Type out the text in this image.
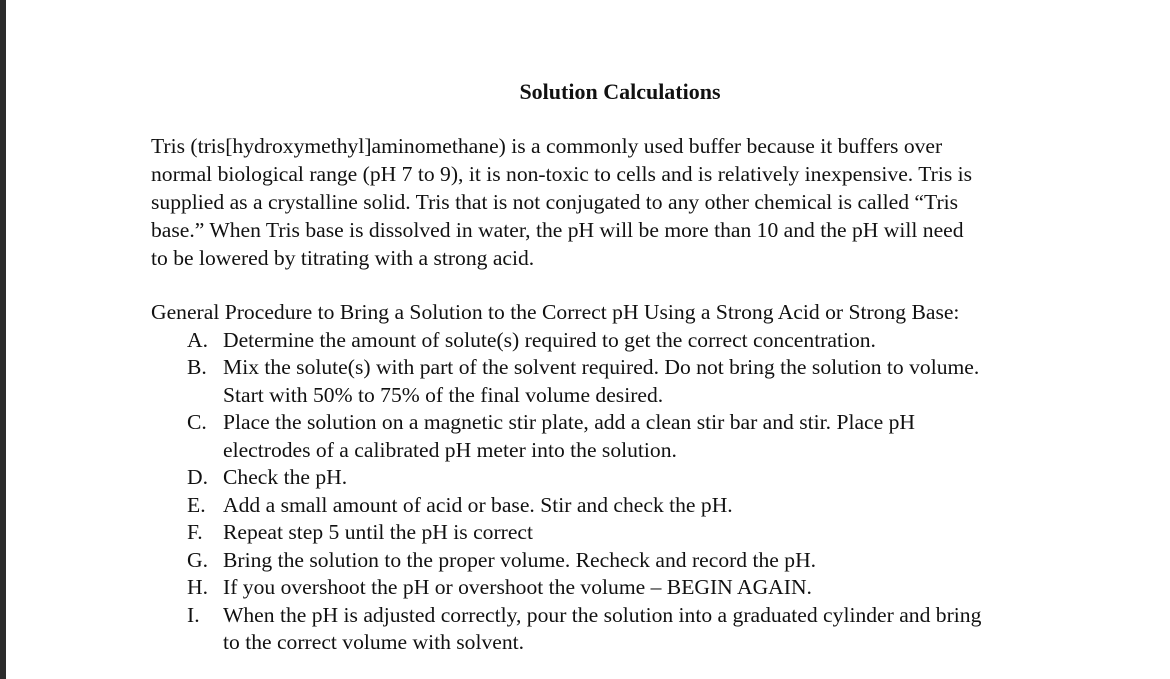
Solution Calculations
Tris (tris[hydroxymethyl]aminomethane) is a commonly used buffer because it buffers over
normal biological range (pH 7 to 9), it is non-toxic to cells and is relatively inexpensive. Tris is
supplied as a crystalline solid. Tris that is not conjugated to any other chemical is called “Tris
base.” When Tris base is dissolved in water, the pH will be more than 10 and the pH will need
to be lowered by titrating with a strong acid.
General Procedure to Bring a Solution to the Correct pH Using a Strong Acid or Strong Base:
A. Determine the amount of solute(s) required to get the correct concentration.
B. Mix the solute(s) with part of the solvent required. Do not bring the solution to volume.
Start with 50% to 75% of the final volume desired.
C. Place the solution on a magnetic stir plate, add a clean stir bar and stir. Place pH
electrodes of a calibrated pH meter into the solution.
D. Check the pH.
E. Add a small amount of acid or base. Stir and check the pH.
F. Repeat step 5 until the pH is correct
G. Bring the solution to the proper volume. Recheck and record the pH.
H. If you overshoot the pH or overshoot the volume – BEGIN AGAIN.
I. When the pH is adjusted correctly, pour the solution into a graduated cylinder and bring
to the correct volume with solvent.
